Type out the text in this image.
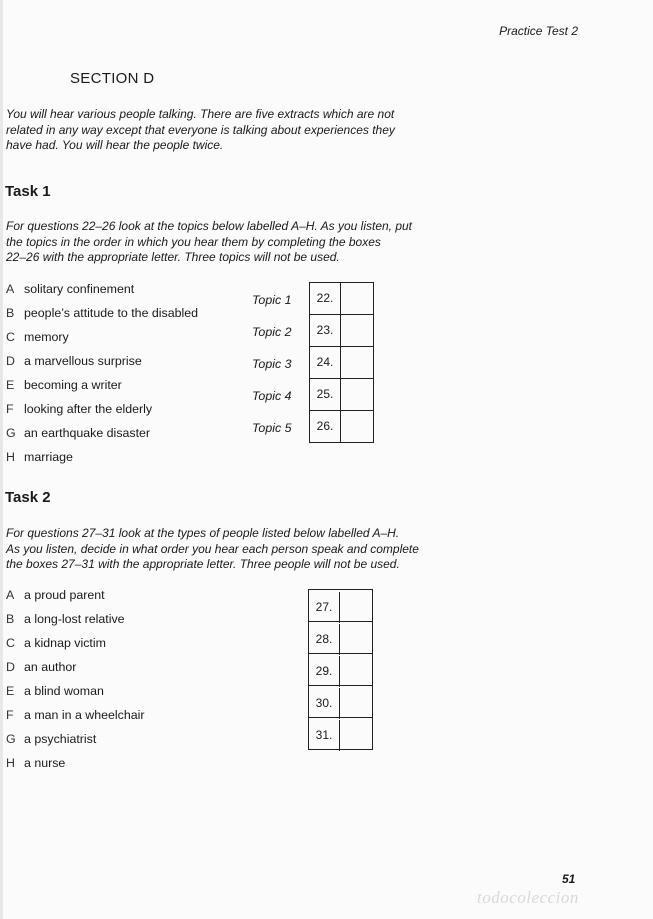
Practice Test 2
SECTION D
You will hear various people talking. There are five extracts which are not
related in any way except that everyone is talking about experiences they
have had. You will hear the people twice.
Task 1
For questions 22–26 look at the topics below labelled A–H. As you listen, put
the topics in the order in which you hear them by completing the boxes
22–26 with the appropriate letter. Three topics will not be used.
A solitary confinement
B people’s attitude to the disabled
C memory
D a marvellous surprise
E becoming a writer
F looking after the elderly
G an earthquake disaster
H marriage
Topic 1
Topic 2
Topic 3
Topic 4
Topic 5
22.
23.
24.
25.
26.
Task 2
For questions 27–31 look at the types of people listed below labelled A–H.
As you listen, decide in what order you hear each person speak and complete
the boxes 27–31 with the appropriate letter. Three people will not be used.
A a proud parent
B a long-lost relative
C a kidnap victim
D an author
E a blind woman
F a man in a wheelchair
G a psychiatrist
H a nurse
27.
28.
29.
30.
31.
51
todocoleccion
